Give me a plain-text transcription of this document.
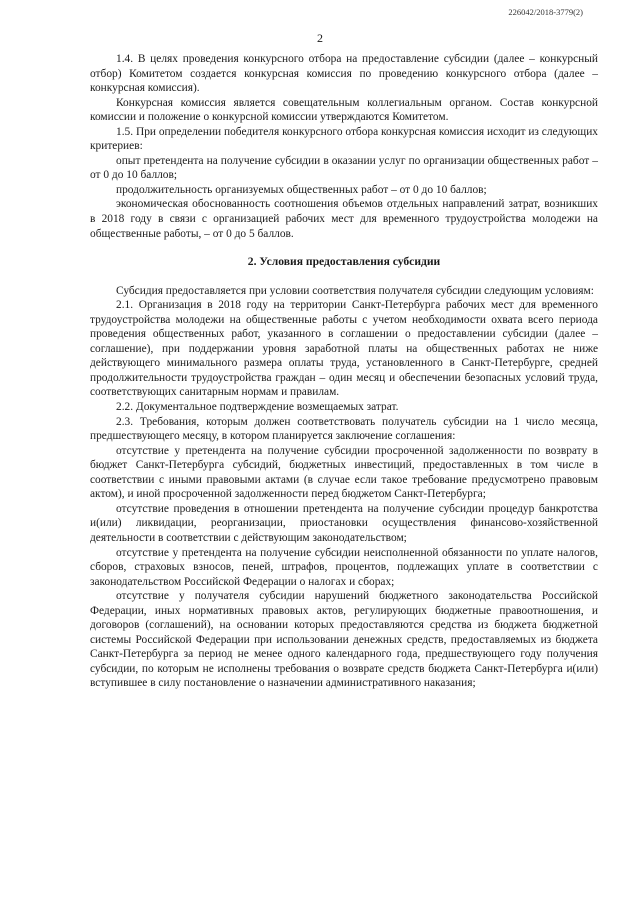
226042/2018-3779(2)
2

1.4. В целях проведения конкурсного отбора на предоставление субсидии (далее – конкурсный отбор) Комитетом создается конкурсная комиссия по проведению конкурсного отбора (далее – конкурсная комиссия).

Конкурсная комиссия является совещательным коллегиальным органом. Состав конкурсной комиссии и положение о конкурсной комиссии утверждаются Комитетом.

1.5. При определении победителя конкурсного отбора конкурсная комиссия исходит из следующих критериев:

опыт претендента на получение субсидии в оказании услуг по организации общественных работ – от 0 до 10 баллов;

продолжительность организуемых общественных работ – от 0 до 10 баллов;

экономическая обоснованность соотношения объемов отдельных направлений затрат, возникших в 2018 году в связи с организацией рабочих мест для временного трудоустройства молодежи на общественные работы, – от 0 до 5 баллов.

2. Условия предоставления субсидии

Субсидия предоставляется при условии соответствия получателя субсидии следующим условиям:

2.1. Организация в 2018 году на территории Санкт-Петербурга рабочих мест для временного трудоустройства молодежи на общественные работы с учетом необходимости охвата всего периода проведения общественных работ, указанного в соглашении о предоставлении субсидии (далее – соглашение), при поддержании уровня заработной платы на общественных работах не ниже действующего минимального размера оплаты труда, установленного в Санкт-Петербурге, средней продолжительности трудоустройства граждан – один месяц и обеспечении безопасных условий труда, соответствующих санитарным нормам и правилам.

2.2. Документальное подтверждение возмещаемых затрат.

2.3. Требования, которым должен соответствовать получатель субсидии на 1 число месяца, предшествующего месяцу, в котором планируется заключение соглашения:

отсутствие у претендента на получение субсидии просроченной задолженности по возврату в бюджет Санкт-Петербурга субсидий, бюджетных инвестиций, предоставленных в том числе в соответствии с иными правовыми актами (в случае если такое требование предусмотрено правовым актом), и иной просроченной задолженности перед бюджетом Санкт-Петербурга;

отсутствие проведения в отношении претендента на получение субсидии процедур банкротства и(или) ликвидации, реорганизации, приостановки осуществления финансово-хозяйственной деятельности в соответствии с действующим законодательством;

отсутствие у претендента на получение субсидии неисполненной обязанности по уплате налогов, сборов, страховых взносов, пеней, штрафов, процентов, подлежащих уплате в соответствии с законодательством Российской Федерации о налогах и сборах;

отсутствие у получателя субсидии нарушений бюджетного законодательства Российской Федерации, иных нормативных правовых актов, регулирующих бюджетные правоотношения, и договоров (соглашений), на основании которых предоставляются средства из бюджета бюджетной системы Российской Федерации при использовании денежных средств, предоставляемых из бюджета Санкт-Петербурга за период не менее одного календарного года, предшествующего году получения субсидии, по которым не исполнены требования о возврате средств бюджета Санкт-Петербурга и(или) вступившее в силу постановление о назначении административного наказания;
